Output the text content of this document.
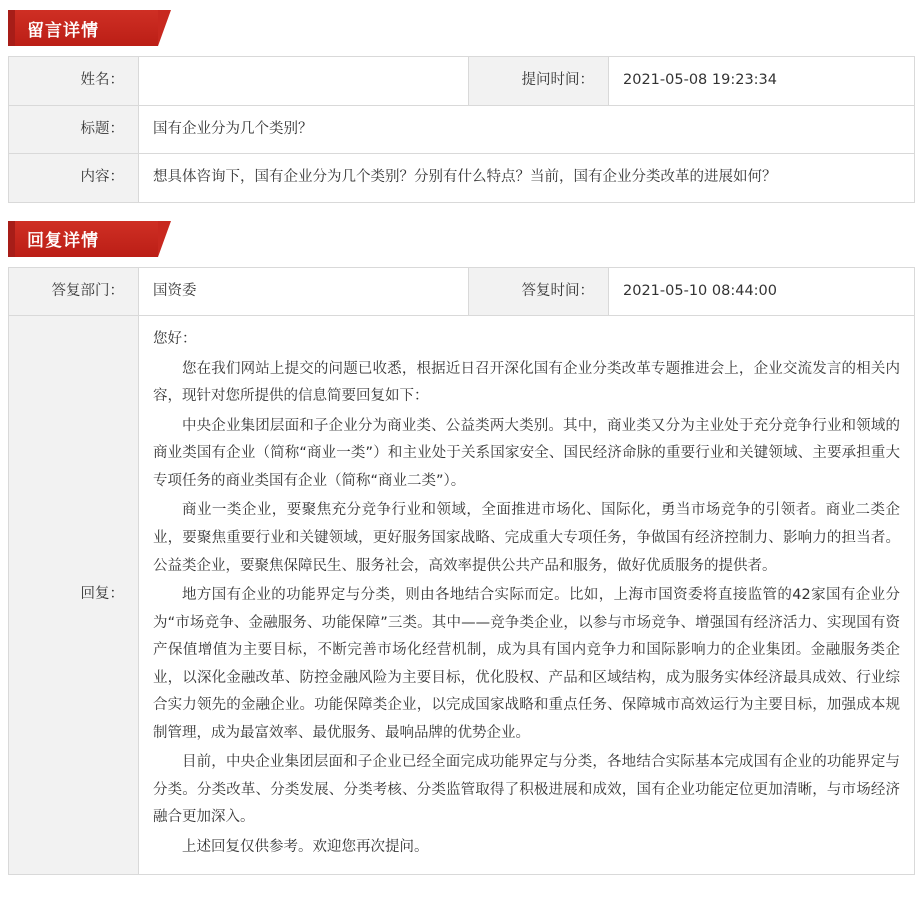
留言详情
姓名：		提问时间：	2021-05-08 19:23:34
标题：	国有企业分为几个类别？		
内容：	想具体咨询下，国有企业分为几个类别？分别有什么特点？当前，国有企业分类改革的进展如何？		
回复详情
答复部门：	国资委	答复时间：	2021-05-10 08:44:00
回复：	

您好：

您在我们网站上提交的问题已收悉，根据近日召开深化国有企业分类改革专题推进会上，企业交流发言的相关内容，现针对您所提供的信息简要回复如下：

中央企业集团层面和子企业分为商业类、公益类两大类别。其中，商业类又分为主业处于充分竞争行业和领域的商业类国有企业（简称“商业一类”）和主业处于关系国家安全、国民经济命脉的重要行业和关键领域、主要承担重大专项任务的商业类国有企业（简称“商业二类”）。

商业一类企业，要聚焦充分竞争行业和领域，全面推进市场化、国际化，勇当市场竞争的引领者。商业二类企业，要聚焦重要行业和关键领域，更好服务国家战略、完成重大专项任务，争做国有经济控制力、影响力的担当者。公益类企业，要聚焦保障民生、服务社会，高效率提供公共产品和服务，做好优质服务的提供者。

地方国有企业的功能界定与分类，则由各地结合实际而定。比如，上海市国资委将直接监管的42家国有企业分为“市场竞争、金融服务、功能保障”三类。其中——竞争类企业，以参与市场竞争、增强国有经济活力、实现国有资产保值增值为主要目标，不断完善市场化经营机制，成为具有国内竞争力和国际影响力的企业集团。金融服务类企业，以深化金融改革、防控金融风险为主要目标，优化股权、产品和区域结构，成为服务实体经济最具成效、行业综合实力领先的金融企业。功能保障类企业，以完成国家战略和重点任务、保障城市高效运行为主要目标，加强成本规制管理，成为最富效率、最优服务、最响品牌的优势企业。

目前，中央企业集团层面和子企业已经全面完成功能界定与分类，各地结合实际基本完成国有企业的功能界定与分类。分类改革、分类发展、分类考核、分类监管取得了积极进展和成效，国有企业功能定位更加清晰，与市场经济融合更加深入。

上述回复仅供参考。欢迎您再次提问。
